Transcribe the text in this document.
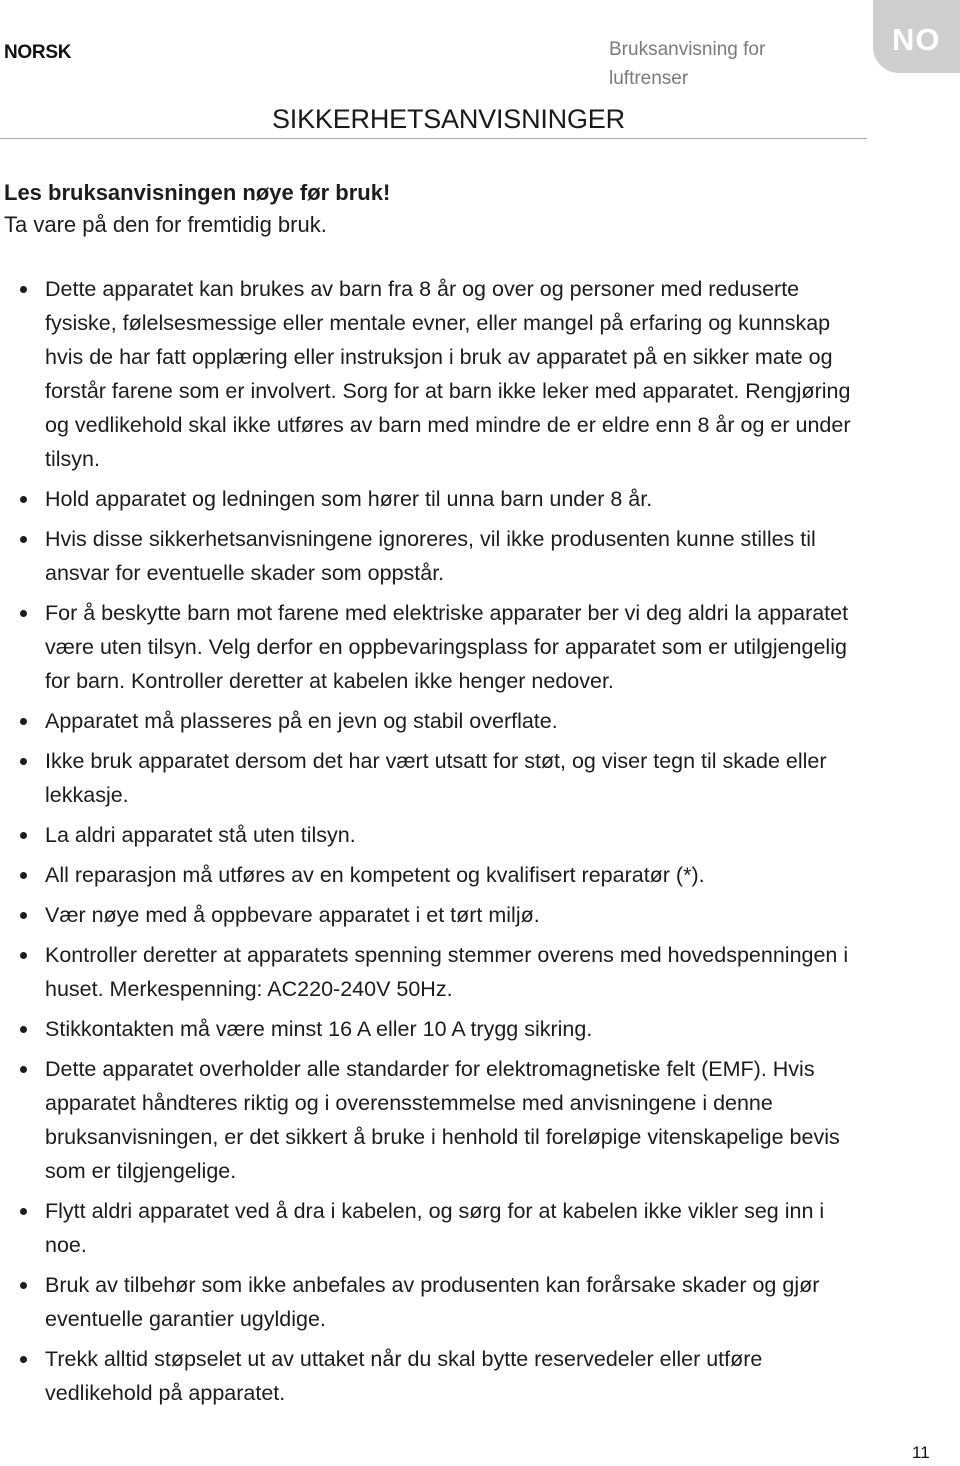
NORSK	Bruksanvisning for luftrenser
NO
SIKKERHETSANVISNINGER
Les bruksanvisningen nøye før bruk!
Ta vare på den for fremtidig bruk.
Dette apparatet kan brukes av barn fra 8 år og over og personer med reduserte fysiske, følelsesmessige eller mentale evner, eller mangel på erfaring og kunnskap hvis de har fatt opplæring eller instruksjon i bruk av apparatet på en sikker mate og forstår farene som er involvert. Sorg for at barn ikke leker med apparatet. Rengjøring og vedlikehold skal ikke utføres av barn med mindre de er eldre enn 8 år og er under tilsyn.
Hold apparatet og ledningen som hører til unna barn under 8 år.
Hvis disse sikkerhetsanvisningene ignoreres, vil ikke produsenten kunne stilles til ansvar for eventuelle skader som oppstår.
For å beskytte barn mot farene med elektriske apparater ber vi deg aldri la apparatet være uten tilsyn. Velg derfor en oppbevaringsplass for apparatet som er utilgjengelig for barn. Kontroller deretter at kabelen ikke henger nedover.
Apparatet må plasseres på en jevn og stabil overflate.
Ikke bruk apparatet dersom det har vært utsatt for støt, og viser tegn til skade eller lekkasje.
La aldri apparatet stå uten tilsyn.
All reparasjon må utføres av en kompetent og kvalifisert reparatør (*).
Vær nøye med å oppbevare apparatet i et tørt miljø.
Kontroller deretter at apparatets spenning stemmer overens med hovedspenningen i huset. Merkespenning: AC220-240V 50Hz.
Stikkontakten må være minst 16 A eller 10 A trygg sikring.
Dette apparatet overholder alle standarder for elektromagnetiske felt (EMF). Hvis apparatet håndteres riktig og i overensstemmelse med anvisningene i denne bruksanvisningen, er det sikkert å bruke i henhold til foreløpige vitenskapelige bevis som er tilgjengelige.
Flytt aldri apparatet ved å dra i kabelen, og sørg for at kabelen ikke vikler seg inn i noe.
Bruk av tilbehør som ikke anbefales av produsenten kan forårsake skader og gjør eventuelle garantier ugyldige.
Trekk alltid støpselet ut av uttaket når du skal bytte reservedeler eller utføre vedlikehold på apparatet.
11
